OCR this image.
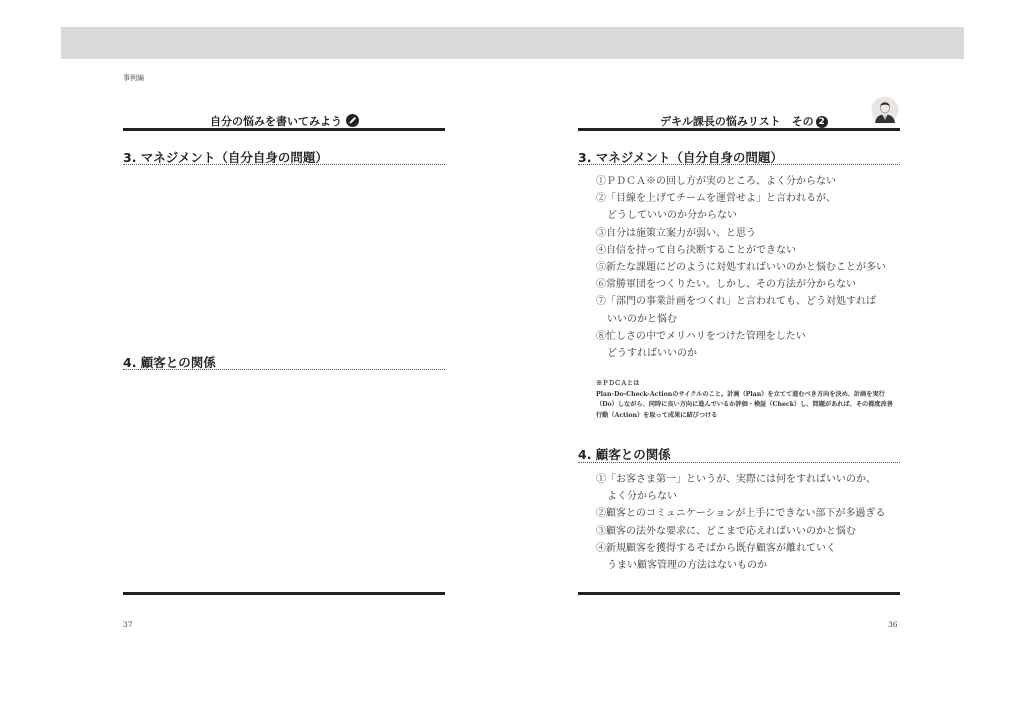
事例編
自分の悩みを書いてみよう
3. マネジメント（自分自身の問題）
4. 顧客との関係
37
デキル課長の悩みリスト　その 2
3. マネジメント（自分自身の問題）
①ＰＤＣＡ※の回し方が実のところ、よく分からない
②「目線を上げてチームを運営せよ」と言われるが、
どうしていいのか分からない
③自分は施策立案力が弱い、と思う
④自信を持って自ら決断することができない
⑤新たな課題にどのように対処すればいいのかと悩むことが多い
⑥常勝軍団をつくりたい。しかし、その方法が分からない
⑦「部門の事業計画をつくれ」と言われても、どう対処すれば
いいのかと悩む
⑧忙しさの中でメリハリをつけた管理をしたい
どうすればいいのか
※ＰＤＣＡとは
Plan-Do-Check-Actionのサイクルのこと。計画（Plan）を立てて進むべき方向を決め、計画を実行（Do）しながら、同時に良い方向に進んでいるか評価・検証（Check）し、問題があれば、その都度改善行動（Action）を取って成果に結びつける
4. 顧客との関係
①「お客さま第一」というが、実際には何をすればいいのか、
よく分からない
②顧客とのコミュニケーションが上手にできない部下が多過ぎる
③顧客の法外な要求に、どこまで応えればいいのかと悩む
④新規顧客を獲得するそばから既存顧客が離れていく
うまい顧客管理の方法はないものか
36
